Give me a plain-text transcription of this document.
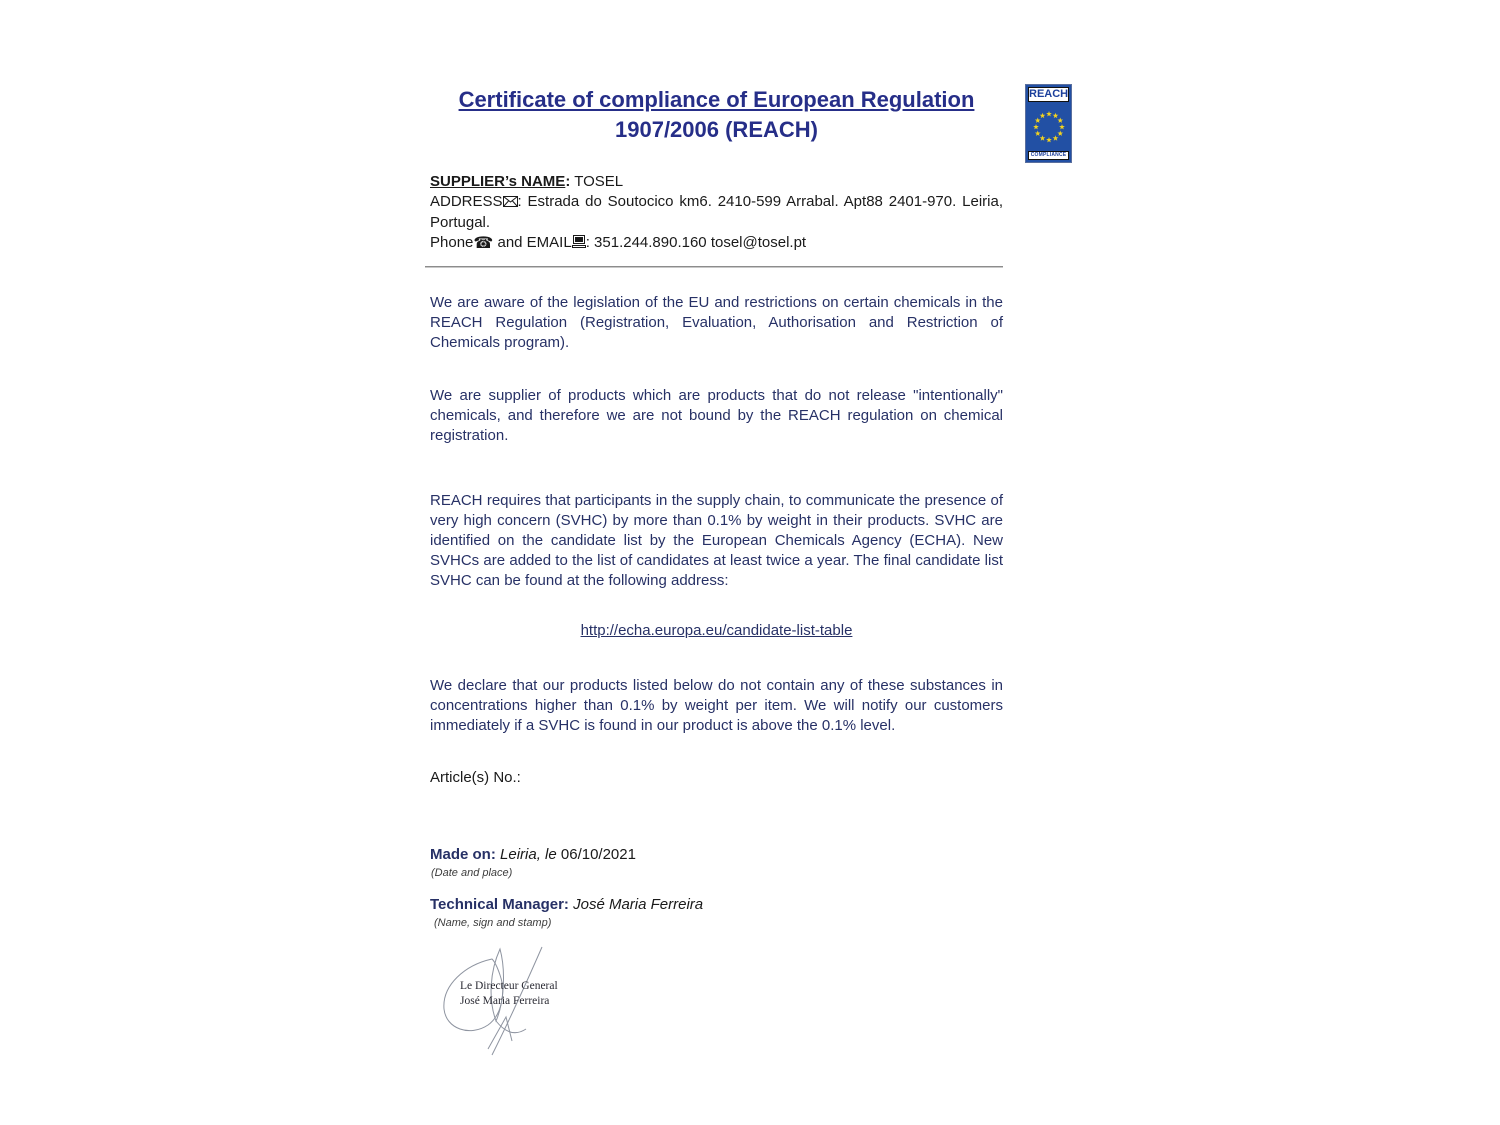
Certificate of compliance of European Regulation
1907/2006 (REACH)
SUPPLIER’s NAME: TOSEL
ADDRESS : Estrada do Soutocico km6. 2410-599 Arrabal. Apt88 2401-970. Leiria, Portugal.
Phone☎ and EMAIL : 351.244.890.160 tosel@tosel.pt

We are aware of the legislation of the EU and restrictions on certain chemicals in the REACH Regulation (Registration, Evaluation, Authorisation and Restriction of Chemicals program).

We are supplier of products which are products that do not release "intentionally" chemicals, and therefore we are not bound by the REACH regulation on chemical registration.

REACH requires that participants in the supply chain, to communicate the presence of very high concern (SVHC) by more than 0.1% by weight in their products. SVHC are identified on the candidate list by the European Chemicals Agency (ECHA). New SVHCs are added to the list of candidates at least twice a year. The final candidate list SVHC can be found at the following address:

http://echa.europa.eu/candidate-list-table

We declare that our products listed below do not contain any of these substances in concentrations higher than 0.1% by weight per item. We will notify our customers immediately if a SVHC is found in our product is above the 0.1% level.

Article(s) No.:
Made on: Leiria, le 06/10/2021
(Date and place)
Technical Manager: José Maria Ferreira
(Name, sign and stamp)
Le Directeur General
José Maria Ferreira
REACH
COMPLIANCE
